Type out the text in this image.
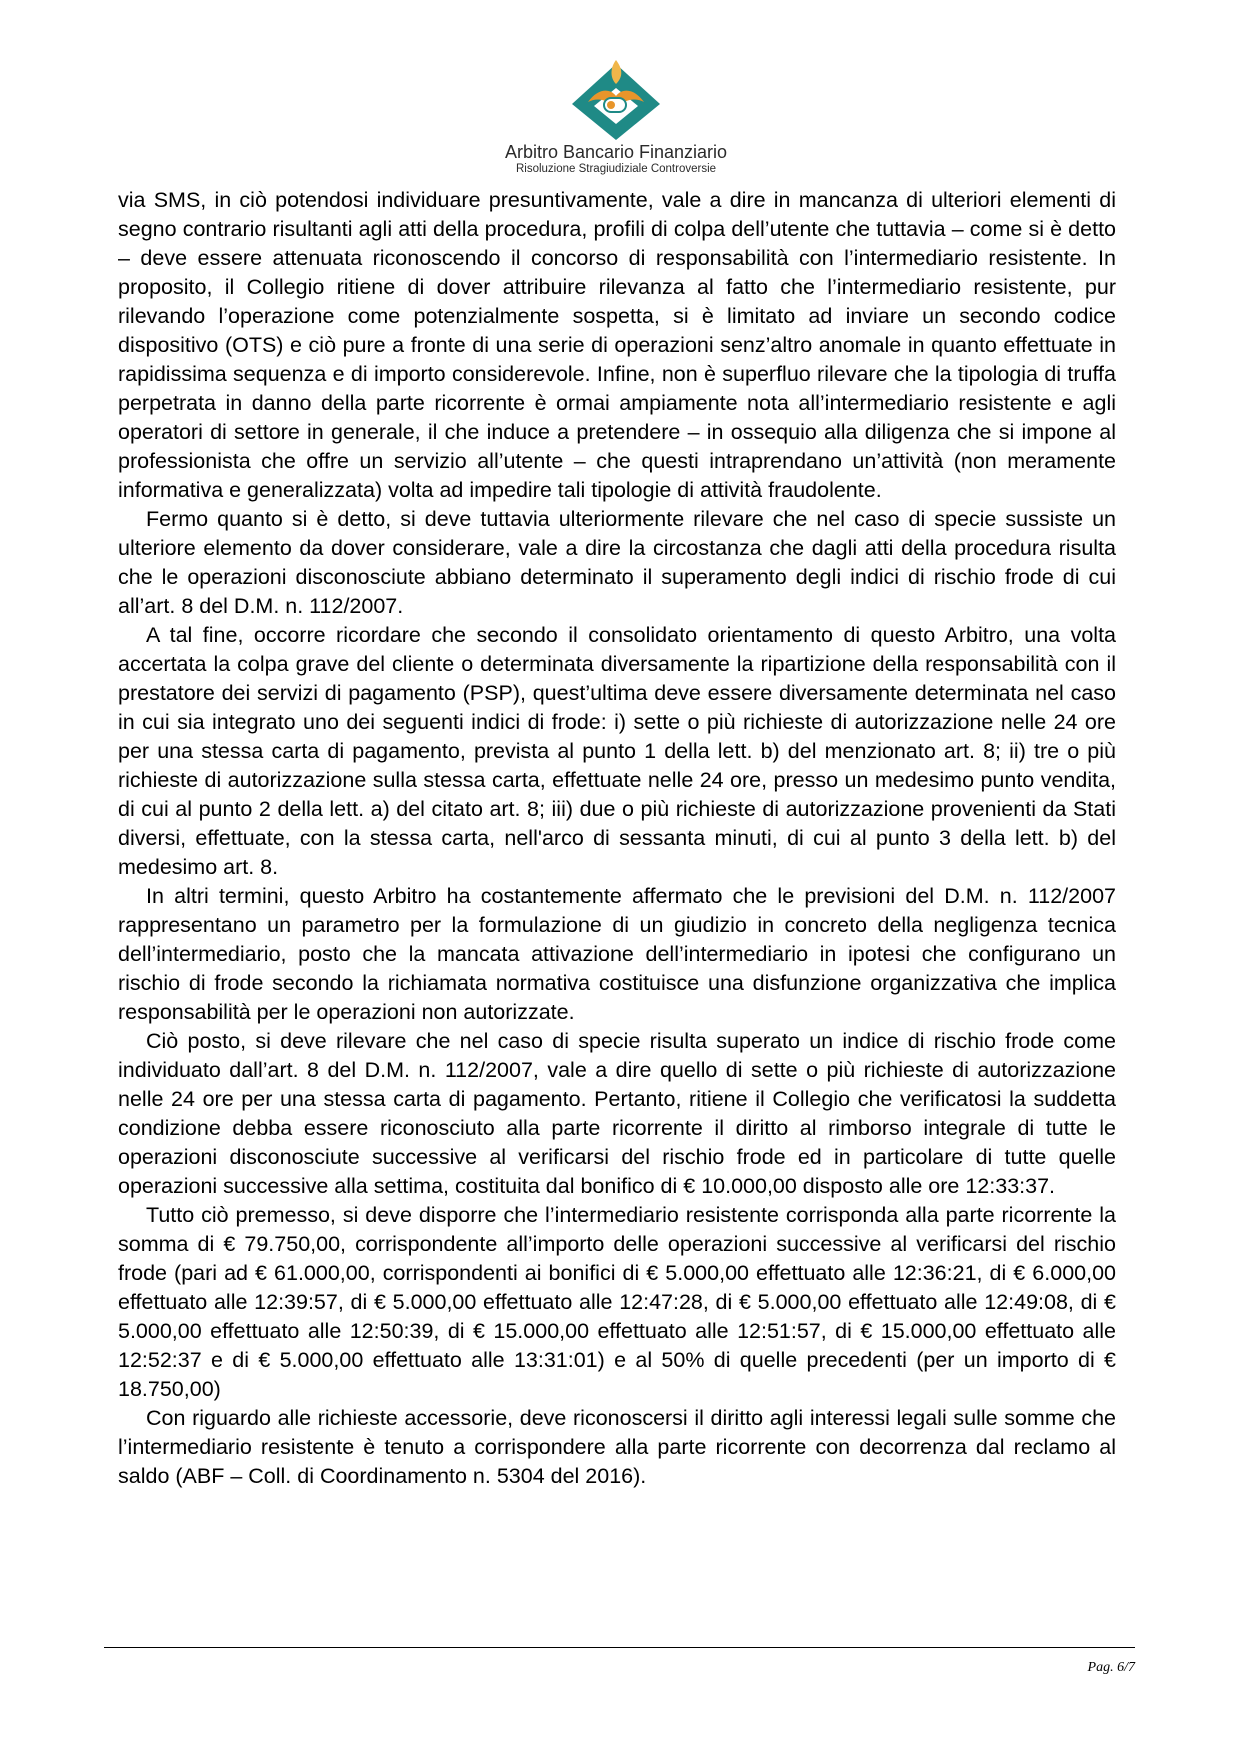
Arbitro Bancario Finanziario
Risoluzione Stragiudiziale Controversie

via SMS, in ciò potendosi individuare presuntivamente, vale a dire in mancanza di ulteriori elementi di segno contrario risultanti agli atti della procedura, profili di colpa dell’utente che tuttavia – come si è detto – deve essere attenuata riconoscendo il concorso di responsabilità con l’intermediario resistente. In proposito, il Collegio ritiene di dover attribuire rilevanza al fatto che l’intermediario resistente, pur rilevando l’operazione come potenzialmente sospetta, si è limitato ad inviare un secondo codice dispositivo (OTS) e ciò pure a fronte di una serie di operazioni senz’altro anomale in quanto effettuate in rapidissima sequenza e di importo considerevole. Infine, non è superfluo rilevare che la tipologia di truffa perpetrata in danno della parte ricorrente è ormai ampiamente nota all’intermediario resistente e agli operatori di settore in generale, il che induce a pretendere – in ossequio alla diligenza che si impone al professionista che offre un servizio all’utente – che questi intraprendano un’attività (non meramente informativa e generalizzata) volta ad impedire tali tipologie di attività fraudolente.

Fermo quanto si è detto, si deve tuttavia ulteriormente rilevare che nel caso di specie sussiste un ulteriore elemento da dover considerare, vale a dire la circostanza che dagli atti della procedura risulta che le operazioni disconosciute abbiano determinato il superamento degli indici di rischio frode di cui all’art. 8 del D.M. n. 112/2007.

A tal fine, occorre ricordare che secondo il consolidato orientamento di questo Arbitro, una volta accertata la colpa grave del cliente o determinata diversamente la ripartizione della responsabilità con il prestatore dei servizi di pagamento (PSP), quest’ultima deve essere diversamente determinata nel caso in cui sia integrato uno dei seguenti indici di frode: i) sette o più richieste di autorizzazione nelle 24 ore per una stessa carta di pagamento, prevista al punto 1 della lett. b) del menzionato art. 8; ii) tre o più richieste di autorizzazione sulla stessa carta, effettuate nelle 24 ore, presso un medesimo punto vendita, di cui al punto 2 della lett. a) del citato art. 8; iii) due o più richieste di autorizzazione provenienti da Stati diversi, effettuate, con la stessa carta, nell'arco di sessanta minuti, di cui al punto 3 della lett. b) del medesimo art. 8.

In altri termini, questo Arbitro ha costantemente affermato che le previsioni del D.M. n. 112/2007 rappresentano un parametro per la formulazione di un giudizio in concreto della negligenza tecnica dell’intermediario, posto che la mancata attivazione dell’intermediario in ipotesi che configurano un rischio di frode secondo la richiamata normativa costituisce una disfunzione organizzativa che implica responsabilità per le operazioni non autorizzate.

Ciò posto, si deve rilevare che nel caso di specie risulta superato un indice di rischio frode come individuato dall’art. 8 del D.M. n. 112/2007, vale a dire quello di sette o più richieste di autorizzazione nelle 24 ore per una stessa carta di pagamento. Pertanto, ritiene il Collegio che verificatosi la suddetta condizione debba essere riconosciuto alla parte ricorrente il diritto al rimborso integrale di tutte le operazioni disconosciute successive al verificarsi del rischio frode ed in particolare di tutte quelle operazioni successive alla settima, costituita dal bonifico di € 10.000,00 disposto alle ore 12:33:37.

Tutto ciò premesso, si deve disporre che l’intermediario resistente corrisponda alla parte ricorrente la somma di € 79.750,00, corrispondente all’importo delle operazioni successive al verificarsi del rischio frode (pari ad € 61.000,00, corrispondenti ai bonifici di € 5.000,00 effettuato alle 12:36:21, di € 6.000,00 effettuato alle 12:39:57, di € 5.000,00 effettuato alle 12:47:28, di € 5.000,00 effettuato alle 12:49:08, di € 5.000,00 effettuato alle 12:50:39, di € 15.000,00 effettuato alle 12:51:57, di € 15.000,00 effettuato alle 12:52:37 e di € 5.000,00 effettuato alle 13:31:01) e al 50% di quelle precedenti (per un importo di € 18.750,00)

Con riguardo alle richieste accessorie, deve riconoscersi il diritto agli interessi legali sulle somme che l’intermediario resistente è tenuto a corrispondere alla parte ricorrente con decorrenza dal reclamo al saldo (ABF – Coll. di Coordinamento n. 5304 del 2016).

Pag. 6/7
